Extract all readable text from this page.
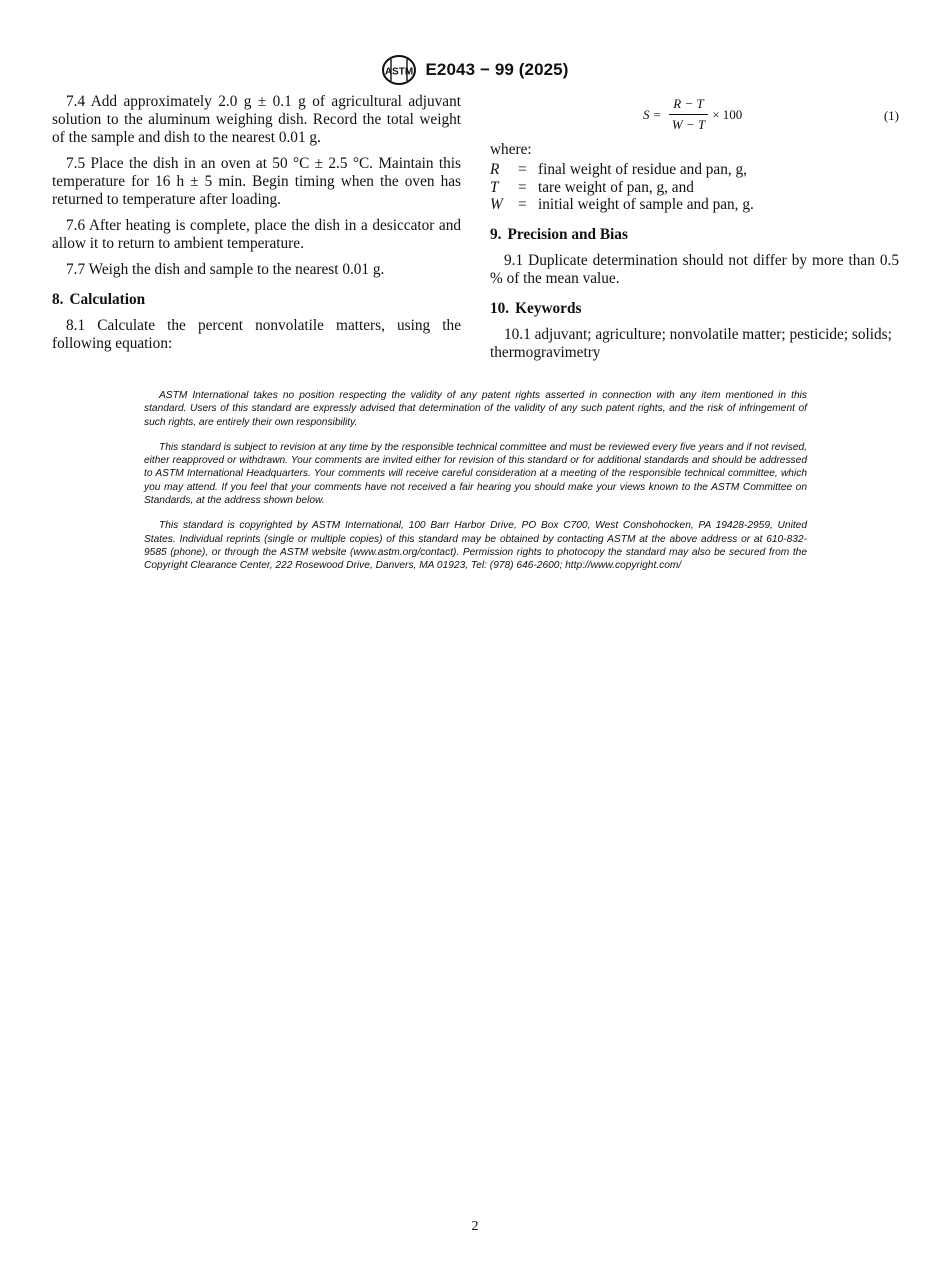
ASTM E2043 − 99 (2025)

7.4 Add approximately 2.0 g ± 0.1 g of agricultural adjuvant solution to the aluminum weighing dish. Record the total weight of the sample and dish to the nearest 0.01 g.

7.5 Place the dish in an oven at 50 °C ± 2.5 °C. Maintain this temperature for 16 h ± 5 min. Begin timing when the oven has returned to temperature after loading.

7.6 After heating is complete, place the dish in a desiccator and allow it to return to ambient temperature.

7.7 Weigh the dish and sample to the nearest 0.01 g.

8. Calculation

8.1 Calculate the percent nonvolatile matters, using the following equation:

$S = \frac{R - T}{W - T} \times 100$	(1)
where:
R	= final weight of residue and pan, g,
T	= tare weight of pan, g, and
W = initial weight of sample and pan, g.
9. Precision and Bias

9.1 Duplicate determination should not differ by more than 0.5 % of the mean value.

10. Keywords

10.1 adjuvant; agriculture; nonvolatile matter; pesticide; solids; thermogravimetry

ASTM International takes no position respecting the validity of any patent rights asserted in connection with any item mentioned in this standard. Users of this standard are expressly advised that determination of the validity of any such patent rights, and the risk of infringement of such rights, are entirely their own responsibility.

This standard is subject to revision at any time by the responsible technical committee and must be reviewed every five years and if not revised, either reapproved or withdrawn. Your comments are invited either for revision of this standard or for additional standards and should be addressed to ASTM International Headquarters. Your comments will receive careful consideration at a meeting of the responsible technical committee, which you may attend. If you feel that your comments have not received a fair hearing you should make your views known to the ASTM Committee on Standards, at the address shown below.

This standard is copyrighted by ASTM International, 100 Barr Harbor Drive, PO Box C700, West Conshohocken, PA 19428-2959, United States. Individual reprints (single or multiple copies) of this standard may be obtained by contacting ASTM at the above address or at 610-832-9585 (phone), or through the ASTM website (www.astm.org/contact). Permission rights to photocopy the standard may also be secured from the Copyright Clearance Center, 222 Rosewood Drive, Danvers, MA 01923, Tel: (978) 646-2600; http://www.copyright.com/

2
